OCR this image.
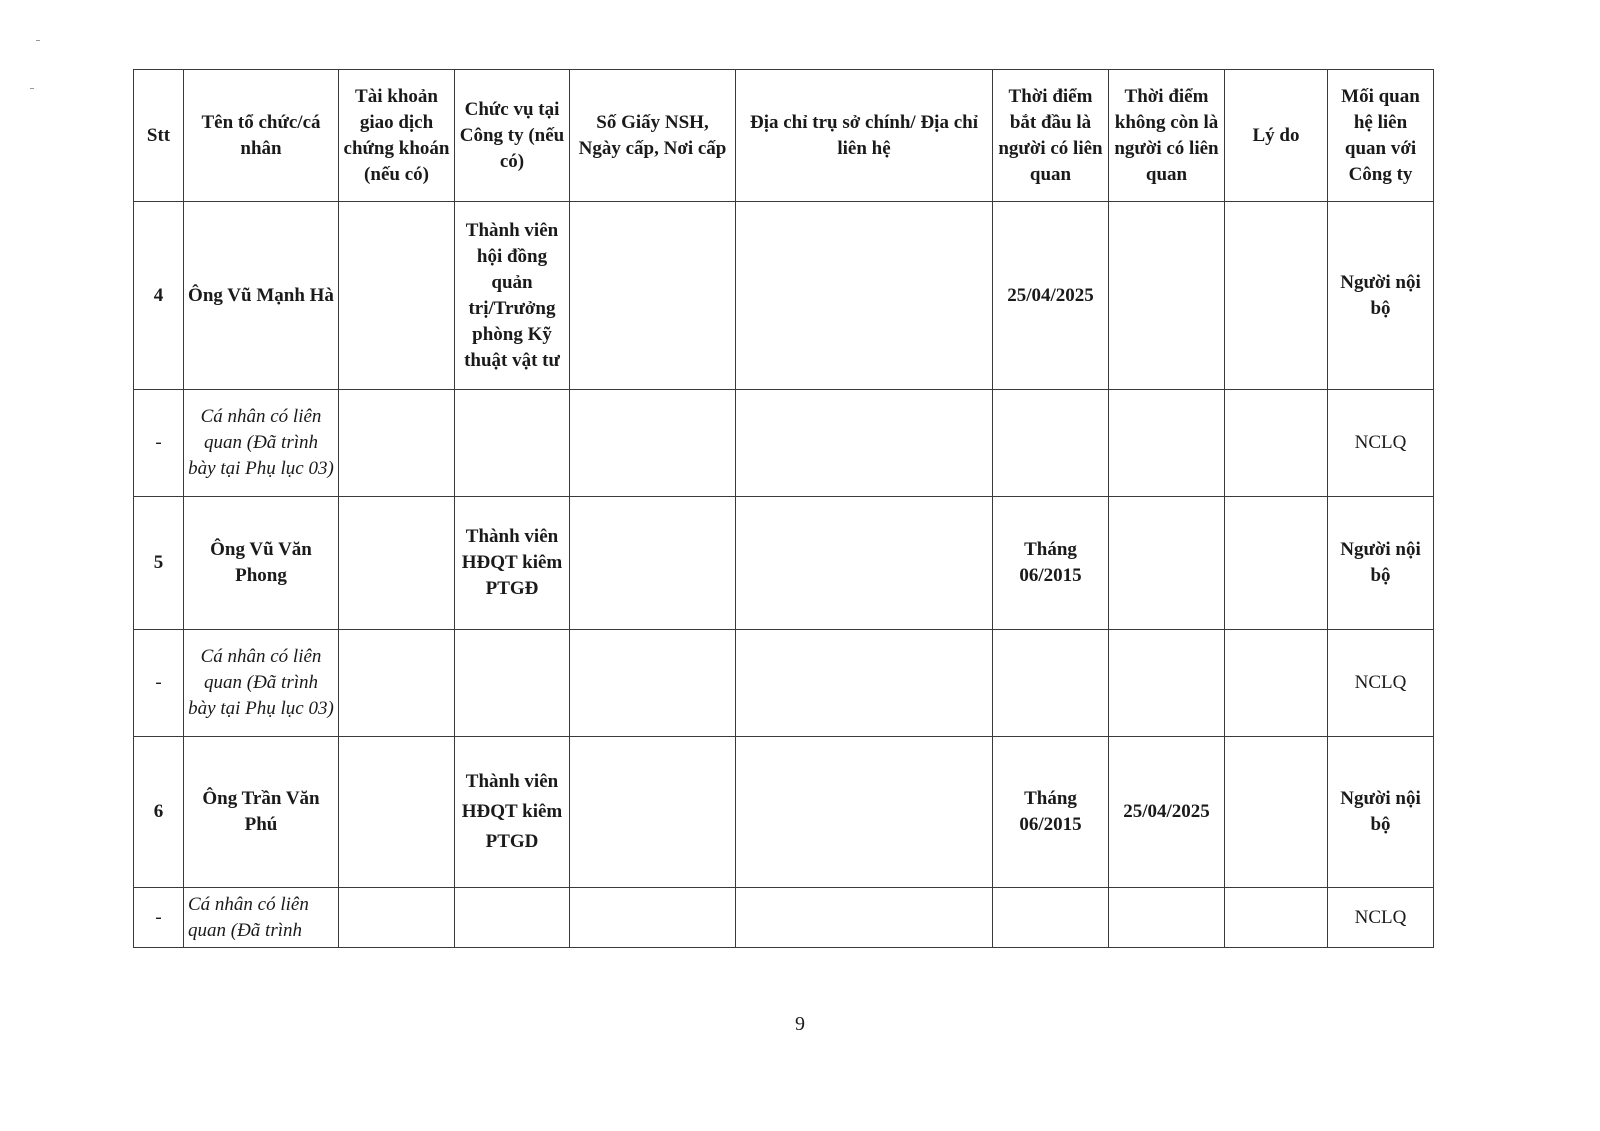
Stt	Tên tổ chức/cá nhân	Tài khoản giao dịch chứng khoán (nếu có)	Chức vụ tại Công ty (nếu có)	Số Giấy NSH, Ngày cấp, Nơi cấp	Địa chỉ trụ sở chính/ Địa chỉ liên hệ	Thời điểm bắt đầu là người có liên quan	Thời điểm không còn là người có liên quan	Lý do	Mối quan hệ liên quan với Công ty
4	Ông Vũ Mạnh Hà		Thành viên hội đồng quản trị/Trưởng phòng Kỹ thuật vật tư			25/04/2025			Người nội bộ
-	Cá nhân có liên quan (Đã trình bày tại Phụ lục 03)								NCLQ
5	Ông Vũ Văn Phong		Thành viên HĐQT kiêm PTGĐ			Tháng 06/2015			Người nội bộ
-	Cá nhân có liên quan (Đã trình bày tại Phụ lục 03)								NCLQ
6	Ông Trần Văn Phú		Thành viên HĐQT kiêm PTGD			Tháng 06/2015	25/04/2025		Người nội bộ
-	Cá nhân có liên quan (Đã trình								NCLQ
9
